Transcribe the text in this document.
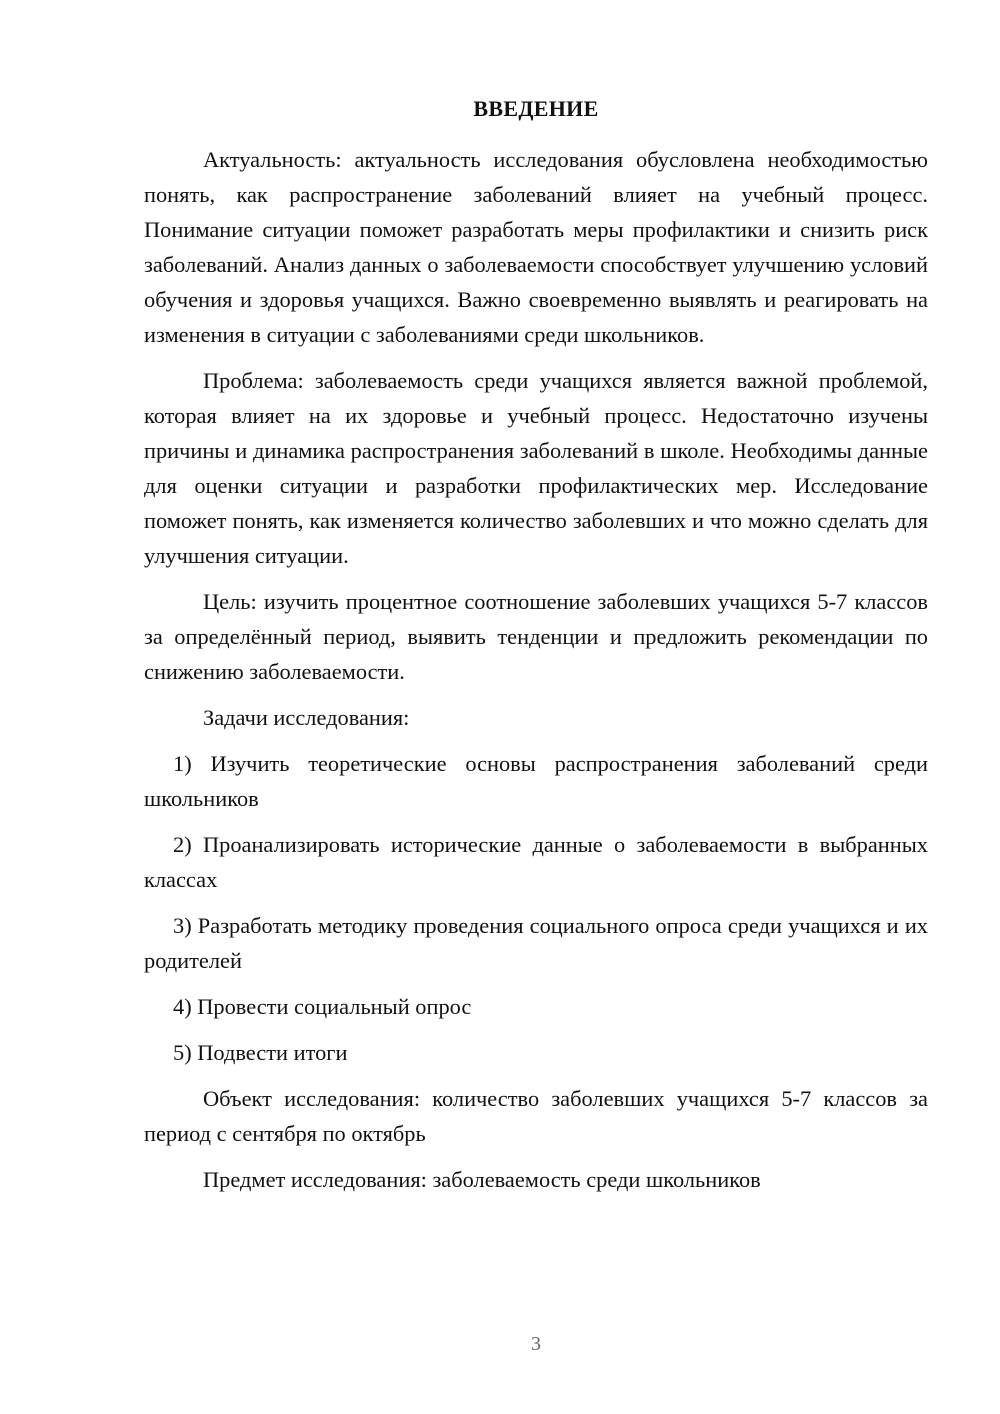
ВВЕДЕНИЕ

Актуальность: актуальность исследования обусловлена необходимостью понять, как распространение заболеваний влияет на учебный процесс. Понимание ситуации поможет разработать меры профилактики и снизить риск заболеваний. Анализ данных о заболеваемости способствует улучшению условий обучения и здоровья учащихся. Важно своевременно выявлять и реагировать на изменения в ситуации с заболеваниями среди школьников.

Проблема: заболеваемость среди учащихся является важной проблемой, которая влияет на их здоровье и учебный процесс. Недостаточно изучены причины и динамика распространения заболеваний в школе. Необходимы данные для оценки ситуации и разработки профилактических мер. Исследование поможет понять, как изменяется количество заболевших и что можно сделать для улучшения ситуации.

Цель: изучить процентное соотношение заболевших учащихся 5-7 классов за определённый период, выявить тенденции и предложить рекомендации по снижению заболеваемости.

Задачи исследования:

1) Изучить теоретические основы распространения заболеваний среди школьников

2) Проанализировать исторические данные о заболеваемости в выбранных классах

3) Разработать методику проведения социального опроса среди учащихся и их родителей

4) Провести социальный опрос

5) Подвести итоги

Объект исследования: количество заболевших учащихся 5-7 классов за период с сентября по октябрь

Предмет исследования: заболеваемость среди школьников

3
